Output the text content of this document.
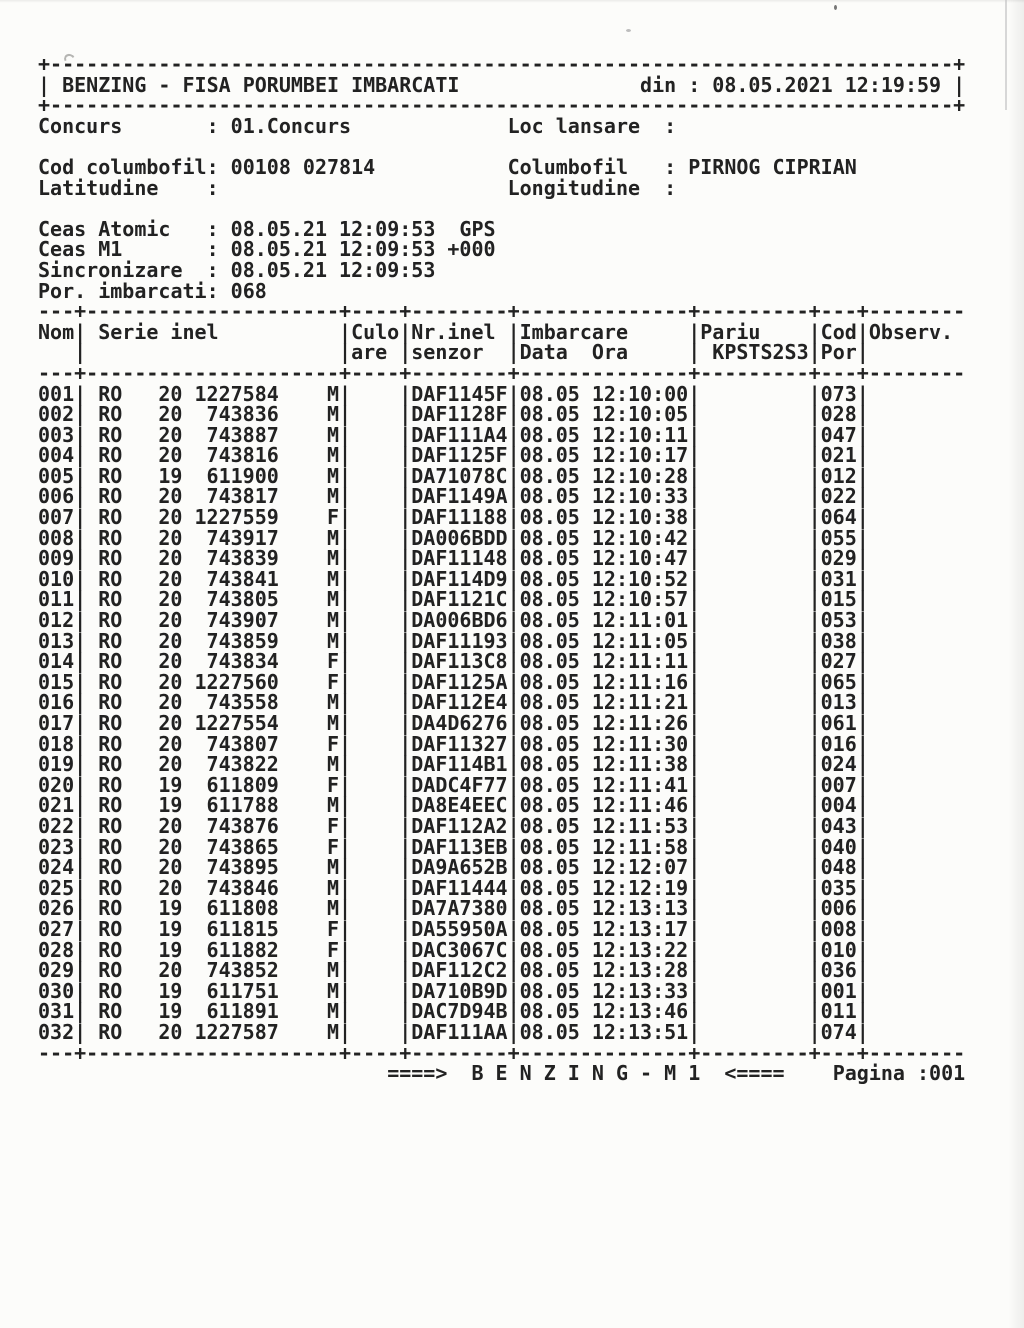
+---------------------------------------------------------------------------+
| BENZING - FISA PORUMBEI IMBARCATI	din : 08.05.2021 12:19:59 |
+---------------------------------------------------------------------------+
Concurs	: 01.Concurs	Loc lansare :
Cod columbofil: 00108 027814	Columbofil : PIRNOG CIPRIAN
Latitudine :	Longitudine :
Ceas Atomic : 08.05.21 12:09:53  GPS
Ceas M1	: 08.05.21 12:09:53 +000
Sincronizare : 08.05.21 12:09:53
Por. imbarcati: 068
---+---------------------+----+--------+--------------+---------+---+--------
Nom| Serie inel	|Culo|Nr.inel |Imbarcare	|Pariu |Cod|Observ.
|	|are |senzor |Data Ora	| KPSTS2S3|Por|
---+---------------------+----+--------+--------------+---------+---+--------
001| RO 20 1227584 M| |DAF1145F|08.05 12:10:00|	|073|
002| RO 20 743836 M| |DAF1128F|08.05 12:10:05|	|028|
003| RO 20 743887 M| |DAF111A4|08.05 12:10:11|	|047|
004| RO 20 743816 M| |DAF1125F|08.05 12:10:17|	|021|
005| RO 19 611900 M| |DA71078C|08.05 12:10:28|	|012|
006| RO 20 743817 M| |DAF1149A|08.05 12:10:33|	|022|
007| RO 20 1227559 F| |DAF11188|08.05 12:10:38|	|064|
008| RO 20 743917 M| |DA006BDD|08.05 12:10:42|	|055|
009| RO 20 743839 M| |DAF11148|08.05 12:10:47|	|029|
010| RO 20 743841 M| |DAF114D9|08.05 12:10:52|	|031|
011| RO 20 743805 M| |DAF1121C|08.05 12:10:57|	|015|
012| RO 20 743907 M| |DA006BD6|08.05 12:11:01|	|053|
013| RO 20 743859 M| |DAF11193|08.05 12:11:05|	|038|
014| RO 20 743834 F| |DAF113C8|08.05 12:11:11|	|027|
015| RO 20 1227560 F| |DAF1125A|08.05 12:11:16|	|065|
016| RO 20 743558 M| |DAF112E4|08.05 12:11:21|	|013|
017| RO 20 1227554 M| |DA4D6276|08.05 12:11:26|	|061|
018| RO 20 743807 F| |DAF11327|08.05 12:11:30|	|016|
019| RO 20 743822 M| |DAF114B1|08.05 12:11:38|	|024|
020| RO 19 611809 F| |DADC4F77|08.05 12:11:41|	|007|
021| RO 19 611788 M| |DA8E4EEC|08.05 12:11:46|	|004|
022| RO 20 743876 F| |DAF112A2|08.05 12:11:53|	|043|
023| RO 20 743865 F| |DAF113EB|08.05 12:11:58|	|040|
024| RO 20 743895 M| |DA9A652B|08.05 12:12:07|	|048|
025| RO 20 743846 M| |DAF11444|08.05 12:12:19|	|035|
026| RO 19 611808 M| |DA7A7380|08.05 12:13:13|	|006|
027| RO 19 611815 F| |DA55950A|08.05 12:13:17|	|008|
028| RO 19 611882 F| |DAC3067C|08.05 12:13:22|	|010|
029| RO 20 743852 M| |DAF112C2|08.05 12:13:28|	|036|
030| RO 19 611751 M| |DA710B9D|08.05 12:13:33|	|001|
031| RO 19 611891 M| |DAC7D94B|08.05 12:13:46|	|011|
032| RO 20 1227587 M| |DAF111AA|08.05 12:13:51|	|074|
---+---------------------+----+--------+--------------+---------+---+--------
====>  B E N Z I N G - M 1  <==== Pagina :001
